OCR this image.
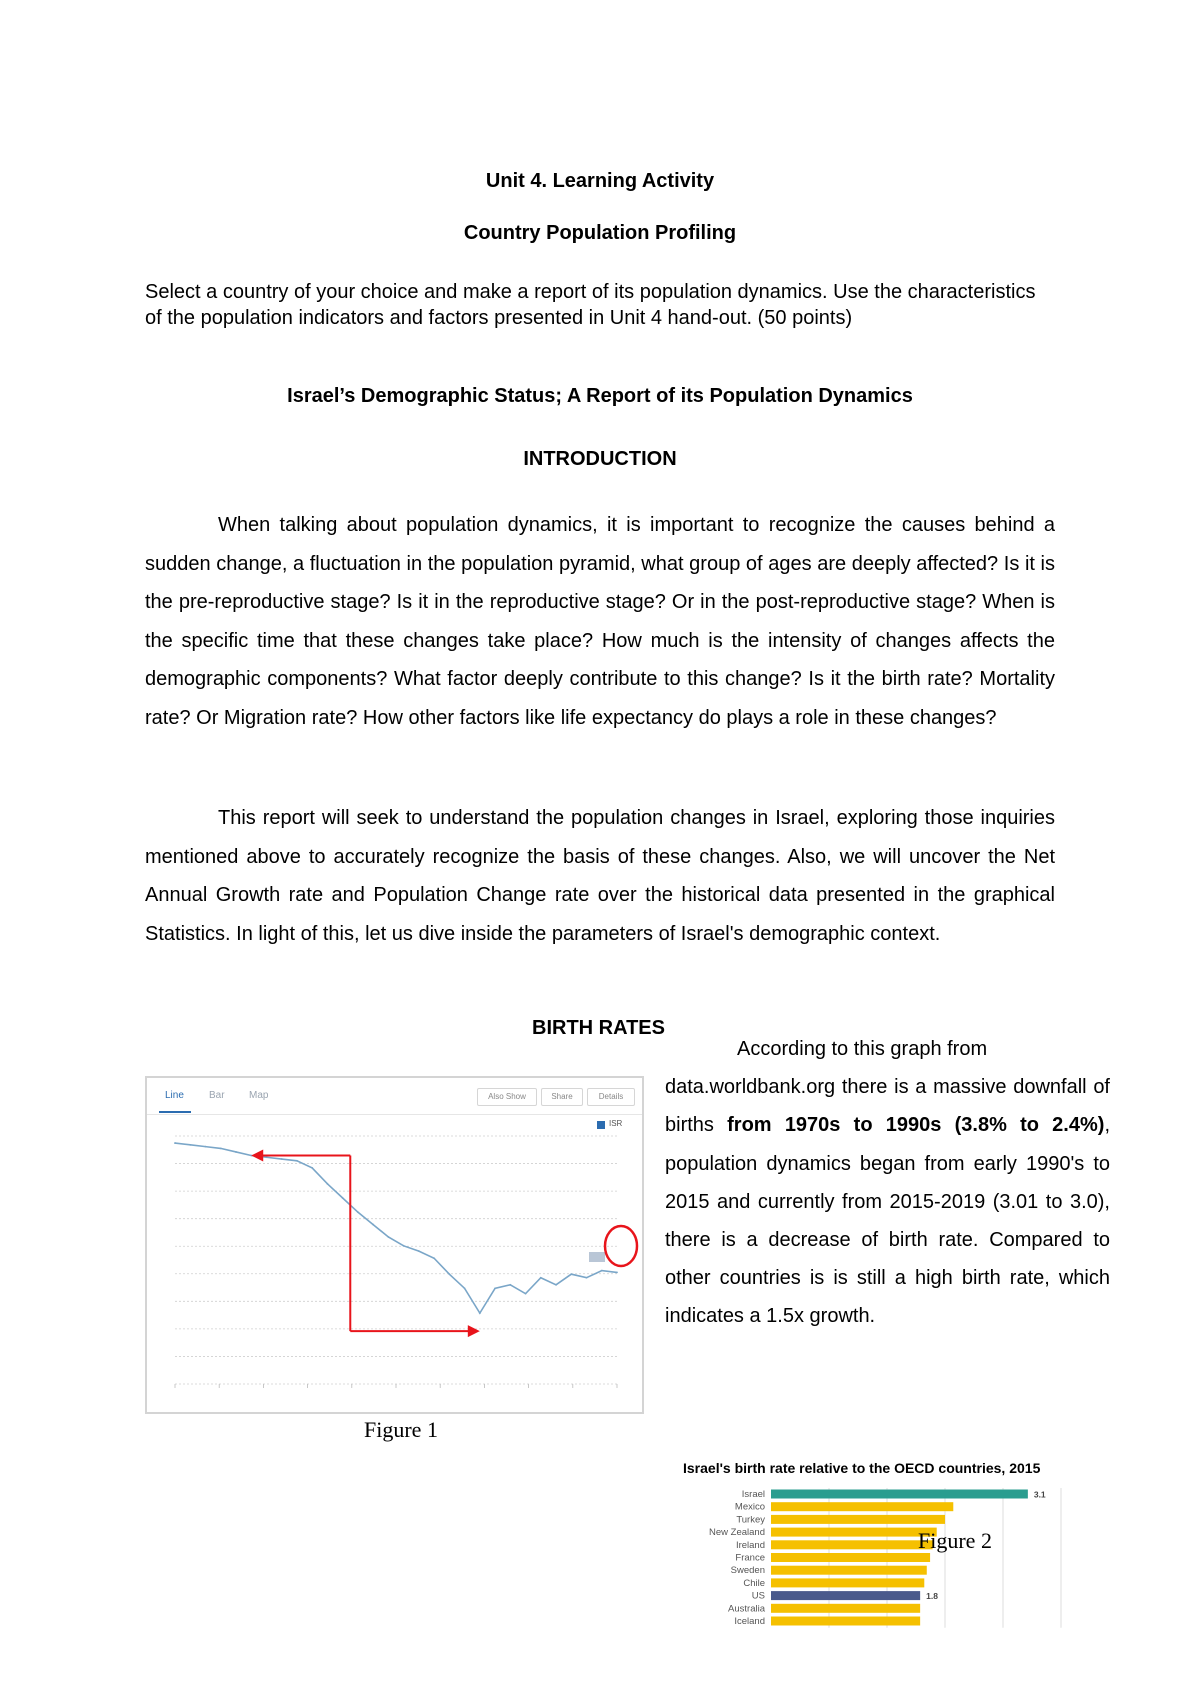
Unit 4. Learning Activity
Country Population Profiling
Select a country of your choice and make a report of its population dynamics. Use the characteristics of the population indicators and factors presented in Unit 4 hand-out. (50 points)
Israel’s Demographic Status; A Report of its Population Dynamics
INTRODUCTION
When talking about population dynamics, it is important to recognize the causes behind a sudden change, a fluctuation in the population pyramid, what group of ages are deeply affected? Is it is the pre-reproductive stage? Is it in the reproductive stage? Or in the post-reproductive stage? When is the specific time that these changes take place? How much is the intensity of changes affects the demographic components? What factor deeply contribute to this change? Is it the birth rate? Mortality rate? Or Migration rate? How other factors like life expectancy do plays a role in these changes?
This report will seek to understand the population changes in Israel, exploring those inquiries mentioned above to accurately recognize the basis of these changes. Also, we will uncover the Net Annual Growth rate and Population Change rate over the historical data presented in the graphical Statistics. In light of this, let us dive inside the parameters of Israel's demographic context.
BIRTH RATES
Line	Bar Map	Also Show	Share	Details
ISR
Figure 1
According to this graph from
data.worldbank.org there is a massive downfall of births from 1970s to 1990s (3.8% to 2.4%), population dynamics began from early 1990's to 2015 and currently from 2015-2019 (3.01 to 3.0), there is a decrease of birth rate. Compared to other countries is is still a high birth rate, which indicates a 1.5x growth.
Israel's birth rate relative to the OECD countries, 2015
Israel	3.1
Mexico
Turkey
New Zealand
Ireland
France
Sweden
Chile
US	1.8
Australia
Iceland
Figure 2
